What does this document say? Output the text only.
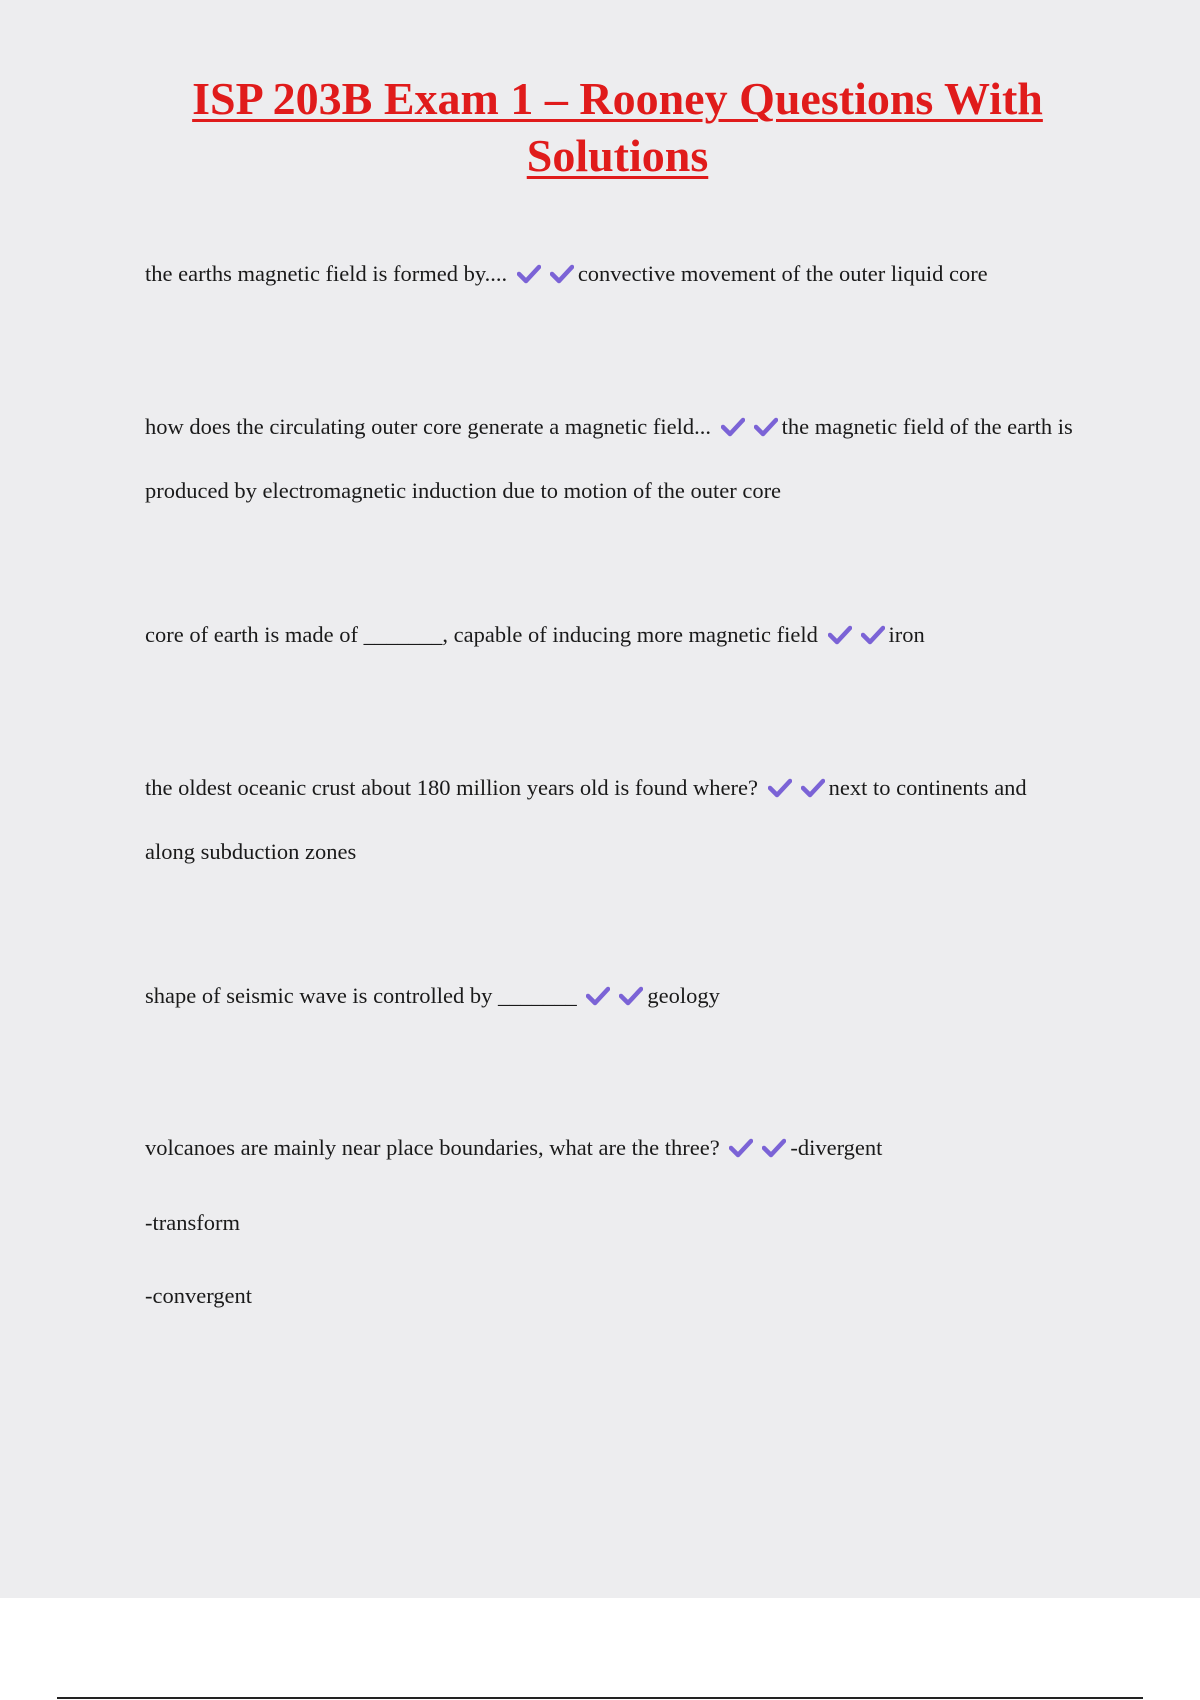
ISP 203B Exam 1 – Rooney Questions With Solutions

the earths magnetic field is formed by....	convective movement of the outer liquid core

how does the circulating outer core generate a magnetic field...	the magnetic field of the earth is produced by electromagnetic induction due to motion of the outer core

core of earth is made of _______, capable of inducing more magnetic field	iron

the oldest oceanic crust about 180 million years old is found where?	next to continents and along subduction zones

shape of seismic wave is controlled by _______	geology

volcanoes are mainly near place boundaries, what are the three?	-divergent

-transform

-convergent
